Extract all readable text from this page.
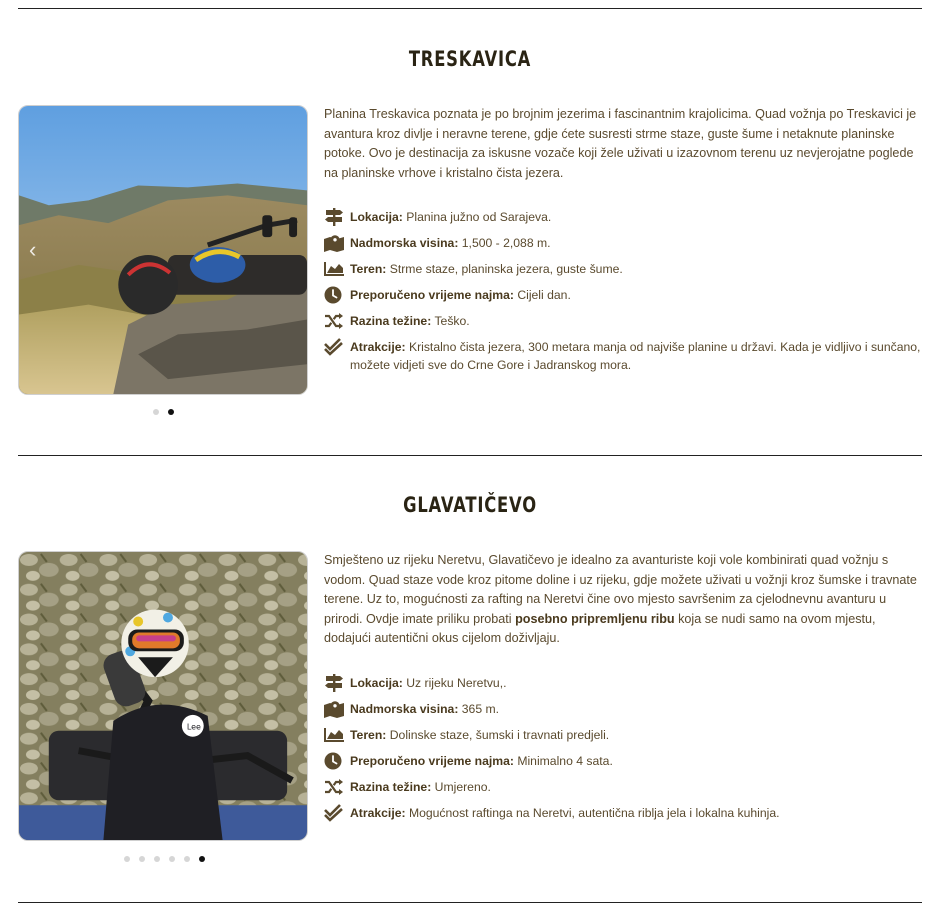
TRESKAVICA
‹

Planina Treskavica poznata je po brojnim jezerima i fascinantnim krajolicima. Quad vožnja po Treskavici je avantura kroz divlje i neravne terene, gdje ćete susresti strme staze, guste šume i netaknute planinske potoke. Ovo je destinacija za iskusne vozače koji žele uživati u izazovnom terenu uz nevjerojatne poglede na planinske vrhove i kristalno čista jezera.

Lokacija: Planina južno od Sarajeva.
Nadmorska visina: 1,500 - 2,088 m.
Teren: Strme staze, planinska jezera, guste šume.
Preporučeno vrijeme najma: Cijeli dan.
Razina težine: Teško.
Atrakcije: Kristalno čista jezera, 300 metara manja od najviše planine u državi. Kada je vidljivo i sunčano, možete vidjeti sve do Crne Gore i Jadranskog mora.
GLAVATIČEVO
Lee

Smješteno uz rijeku Neretvu, Glavatičevo je idealno za avanturiste koji vole kombinirati quad vožnju s vodom. Quad staze vode kroz pitome doline i uz rijeku, gdje možete uživati u vožnji kroz šumske i travnate terene. Uz to, mogućnosti za rafting na Neretvi čine ovo mjesto savršenim za cjelodnevnu avanturu u prirodi. Ovdje imate priliku probati posebno pripremljenu ribu koja se nudi samo na ovom mjestu, dodajući autentični okus cijelom doživljaju.

Lokacija: Uz rijeku Neretvu,.
Nadmorska visina: 365 m.
Teren: Dolinske staze, šumski i travnati predjeli.
Preporučeno vrijeme najma: Minimalno 4 sata.
Razina težine: Umjereno.
Atrakcije: Mogućnost raftinga na Neretvi, autentična riblja jela i lokalna kuhinja.
